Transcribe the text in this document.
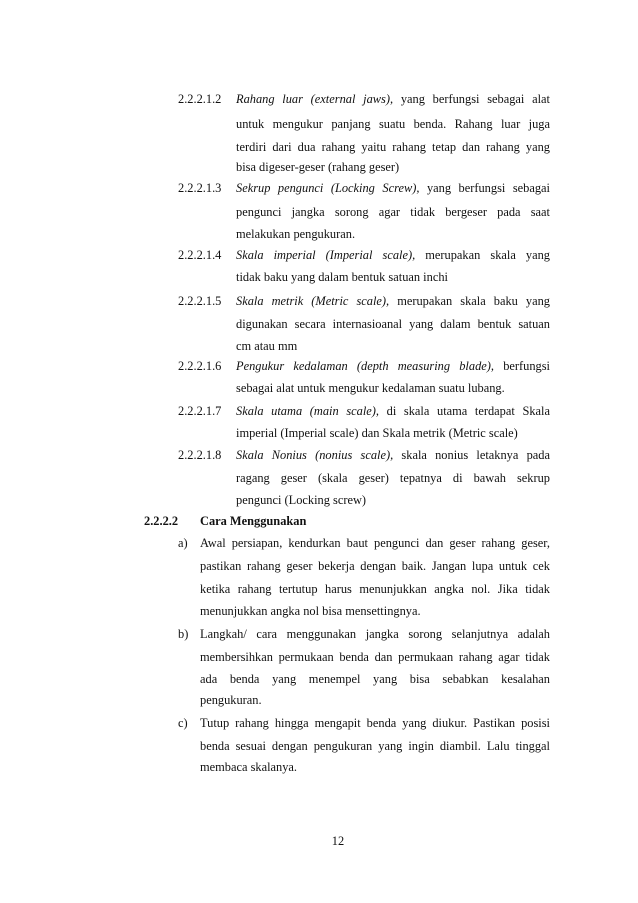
2.2.2.1.2 Rahang luar (external jaws), yang berfungsi sebagai alat
untuk mengukur panjang suatu benda. Rahang luar juga
terdiri dari dua rahang yaitu rahang tetap dan rahang yang
bisa digeser-geser (rahang geser)
2.2.2.1.3 Sekrup pengunci (Locking Screw), yang berfungsi sebagai
pengunci jangka sorong agar tidak bergeser pada saat
melakukan pengukuran.
2.2.2.1.4 Skala imperial (Imperial scale), merupakan skala yang
tidak baku yang dalam bentuk satuan inchi
2.2.2.1.5 Skala metrik (Metric scale), merupakan skala baku yang
digunakan secara internasioanal yang dalam bentuk satuan
cm atau mm
2.2.2.1.6 Pengukur kedalaman (depth measuring blade), berfungsi
sebagai alat untuk mengukur kedalaman suatu lubang.
2.2.2.1.7 Skala utama (main scale), di skala utama terdapat Skala
imperial (Imperial scale) dan Skala metrik (Metric scale)
2.2.2.1.8 Skala Nonius (nonius scale), skala nonius letaknya pada
ragang geser (skala geser) tepatnya di bawah sekrup
pengunci (Locking screw)
2.2.2.2 Cara Menggunakan
a) Awal persiapan, kendurkan baut pengunci dan geser rahang geser,
pastikan rahang geser bekerja dengan baik. Jangan lupa untuk cek
ketika rahang tertutup harus menunjukkan angka nol. Jika tidak
menunjukkan angka nol bisa mensettingnya.
b) Langkah/ cara menggunakan jangka sorong selanjutnya adalah
membersihkan permukaan benda dan permukaan rahang agar tidak
ada benda yang menempel yang bisa sebabkan kesalahan
pengukuran.
c) Tutup rahang hingga mengapit benda yang diukur. Pastikan posisi
benda sesuai dengan pengukuran yang ingin diambil. Lalu tinggal
membaca skalanya.
12
